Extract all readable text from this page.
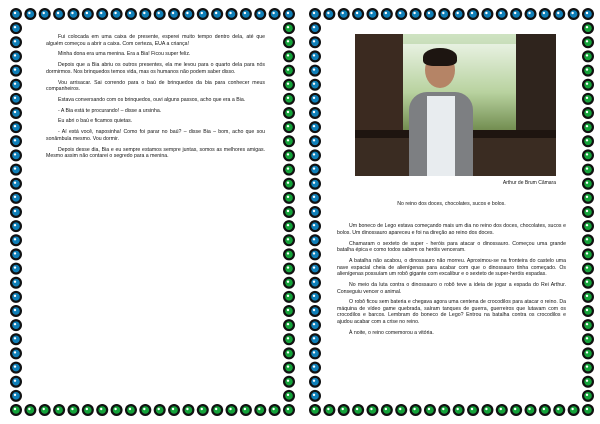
Fui colocada em uma caixa de presente, esperei muito tempo dentro dela, até que alguém começou a abrir a caixa. Com certeza, EUA a criança!

Minha dona era uma menina. Era a Bia! Ficou super feliz.

Depois que a Bia abriu os outros presentes, ela me levou para o quarto dela para nós dormirmos. Nos brinquedos temos vida, mas os humanos não podem saber disso.

Vou arrisacar. Sai correndo para o baú de brinquedos da bia para conhecer meus companheiros.

Estava conversando com os brinquedos, ouvi alguns passos, acho que era a Bia.

- A Bia está te procurando! – disse a ursinha.

Eu abri o baú e ficamos quietas.

- Aí está você, naposinha! Como foi parar no baú? – disse Bia – bom, acho que sou sonâmbula mesmo. Vou dormir.

Depois desse dia, Bia e eu sempre estamos sempre juntas, somos as melhores amigas. Mesmo assim não contarei o segredo para a menina.

Arthur de Brum Câmara
No reino dos doces, chocolates, sucos e bolos.

Um boneco de Lego estava começando mais um dia no reino dos doces, chocolates, sucos e bolos. Um dinossauro apareceu e foi na direção ao reino dos doces.

Chamaram o sexteto de super - heróis para atacar o dinossauro. Começou uma grande batalha épica e como todos sabem os heróis venceram.

A batalha não acabou, o dinossauro não morreu. Aproximou-se na fronteira do castelo uma nave espacial cheia de alienígenas para acabar com que o dinossauro tinha começado. Os alienígenas possuíam um robô gigante com excalibur e o sexteto de super-heróis espadas.

No meio da luta contra o dinossauro o robô teve a ideia de jogar a espada do Rei Arthur. Conseguiu vencer o animal.

O robô ficou sem bateria e chegava agora uma centena de crocodilos para atacar o reino. Da máquina de vídeo game quebrada, saíram tanques de guerra, guerreiros que lutavam com os crocodilos e barcos. Lembram do boneco de Lego? Entrou na batalha contra os crocodilos e ajudou acabar com a crise no reino.

À noite, o reino comemorou a vitória.
